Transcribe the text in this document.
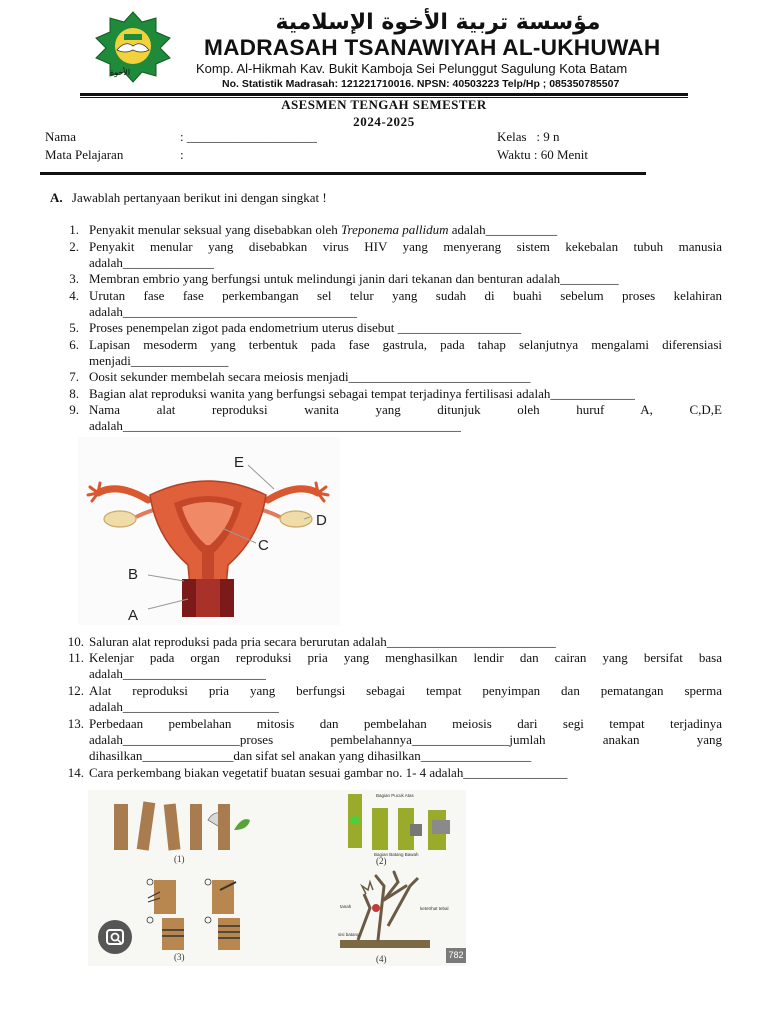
الأخوة
مؤسسة تربية الأخوة الإسلامية
MADRASAH TSANAWIYAH AL-UKHUWAH
Komp. Al-Hikmah Kav. Bukit Kamboja Sei Pelunggut Sagulung Kota Batam
No. Statistik Madrasah: 121221710016. NPSN: 40503223 Telp/Hp ; 085350785507
ASESMEN TENGAH SEMESTER
2024-2025
Nama	: ____________________
Mata Pelajaran	:
Kelas   : 9 n
Waktu : 60 Menit
A. Jawablah pertanyaan berikut ini dengan singkat !
1. Penyakit menular seksual yang disebabkan oleh Treponema pallidum adalah___________
2. Penyakit menular yang disebabkan virus HIV yang menyerang sistem kekebalan tubuh manusia
adalah______________
3. Membran embrio yang berfungsi untuk melindungi janin dari tekanan dan benturan adalah_________
4. Urutan fase fase perkembangan sel telur yang sudah di buahi sebelum proses kelahiran
adalah____________________________________
5. Proses penempelan zigot pada endometrium uterus disebut ___________________
6. Lapisan mesoderm yang terbentuk pada fase gastrula, pada tahap selanjutnya mengalami diferensiasi
menjadi_______________
7. Oosit sekunder membelah secara meiosis menjadi____________________________
8. Bagian alat reproduksi wanita yang berfungsi sebagai tempat terjadinya fertilisasi adalah_____________
9. Nama alat reproduksi wanita yang ditunjuk oleh huruf A, C,D,E
adalah____________________________________________________
E
D
C
B
A
10. Saluran alat reproduksi pada pria secara berurutan adalah__________________________
11. Kelenjar pada organ reproduksi pria yang menghasilkan lendir dan cairan yang bersifat basa
adalah______________________
12. Alat reproduksi pria yang berfungsi sebagai tempat penyimpan dan pematangan sperma
adalah________________________
13. Perbedaan pembelahan mitosis dan pembelahan meiosis dari segi tempat terjadinya
adalah__________________proses pembelahannya_______________jumlah anakan yang
dihasilkan______________dan sifat sel anakan yang dihasilkan_________________
14. Cara perkembang biakan vegetatif buatan sesuai gambar no. 1- 4 adalah________________
(1)
Bagian Pucuk Atas
Bagian Batang Bawah
(2)
(3)
tanah
sisi batang
ketetrhat tebal
(4)	782
